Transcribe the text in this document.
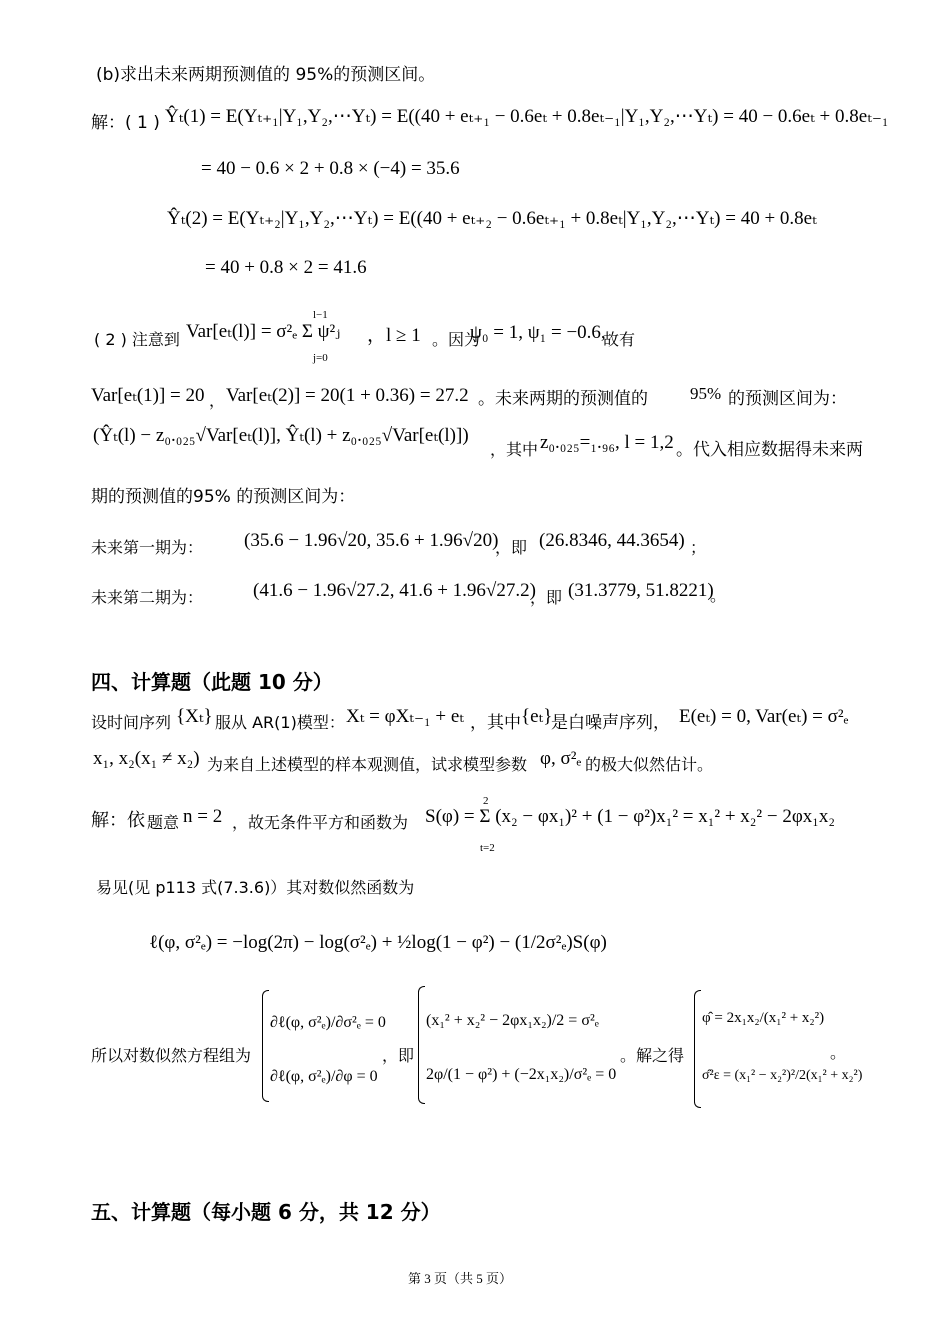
(b)求出未来两期预测值的 95%的预测区间。
解：( 1 ) Ŷₜ(1) = E(Yₜ₊₁|Y₁,Y₂,⋯Yₜ) = E((40 + eₜ₊₁ − 0.6eₜ + 0.8eₜ₋₁|Y₁,Y₂,⋯Yₜ) = 40 − 0.6eₜ + 0.8eₜ₋₁
= 40 − 0.6 × 2 + 0.8 × (−4) = 35.6
Ŷₜ(2) = E(Yₜ₊₂|Y₁,Y₂,⋯Yₜ) = E((40 + eₜ₊₂ − 0.6eₜ₊₁ + 0.8eₜ|Y₁,Y₂,⋯Yₜ) = 40 + 0.8eₜ
= 40 + 0.8 × 2 = 41.6
( 2 ) 注意到 Var[eₜ(l)] = σ²ₑ Σ ψ²ⱼ
l−1
j=0
，l ≥ 1 。因为
ψ₀ = 1, ψ₁ = −0.6,
故有
Var[eₜ(1)] = 20 ， Var[eₜ(2)] = 20(1 + 0.36) = 27.2 。未来两期的预测值的 95% 的预测区间为：
(Ŷₜ(l) − z₀.₀₂₅√Var[eₜ(l)], Ŷₜ(l) + z₀.₀₂₅√Var[eₜ(l)])
，其中 z₀.₀₂₅=₁.₉₆, l = 1,2 。代入相应数据得未来两
期的预测值的95% 的预测区间为：
未来第一期为： (35.6 − 1.96√20, 35.6 + 1.96√20)
，即 (26.8346, 44.3654) ；
未来第二期为：	(41.6 − 1.96√27.2, 41.6 + 1.96√27.2)
，即 (31.3779, 51.8221)
。
四、计算题（此题 10 分）
设时间序列 {Xₜ} 服从 AR(1)模型： Xₜ = φXₜ₋₁ + eₜ ，其中 {eₜ}
是白噪声序列， E(eₜ) = 0, Var(eₜ) = σ²ₑ
x₁, x₂(x₁ ≠ x₂) 为来自上述模型的样本观测值，试求模型参数 φ, σ²ₑ 的极大似然估计。
解：依 题意 n = 2 ，故无条件平方和函数为 S(φ) = Σ (x₂ − φx₁)² + (1 − φ²)x₁² = x₁² + x₂² − 2φx₁x₂
2
t=2
易见(见 p113 式(7.3.6)）其对数似然函数为
ℓ(φ, σ²ₑ) = −log(2π) − log(σ²ₑ) + ½log(1 − φ²) − (1/2σ²ₑ)S(φ)
所以对数似然方程组为
∂ℓ(φ, σ²ₑ)/∂σ²ₑ = 0
∂ℓ(φ, σ²ₑ)/∂φ = 0
，即
(x₁² + x₂² − 2φx₁x₂)/2 = σ²ₑ
2φ/(1 − φ²) + (−2x₁x₂)/σ²ₑ = 0
。解之得
φ̂ = 2x₁x₂/(x₁² + x₂²)
σ̂²ε = (x₁² − x₂²)²/2(x₁² + x₂²)
。
五、计算题（每小题 6 分，共 12 分）
第 3 页（共 5 页）
